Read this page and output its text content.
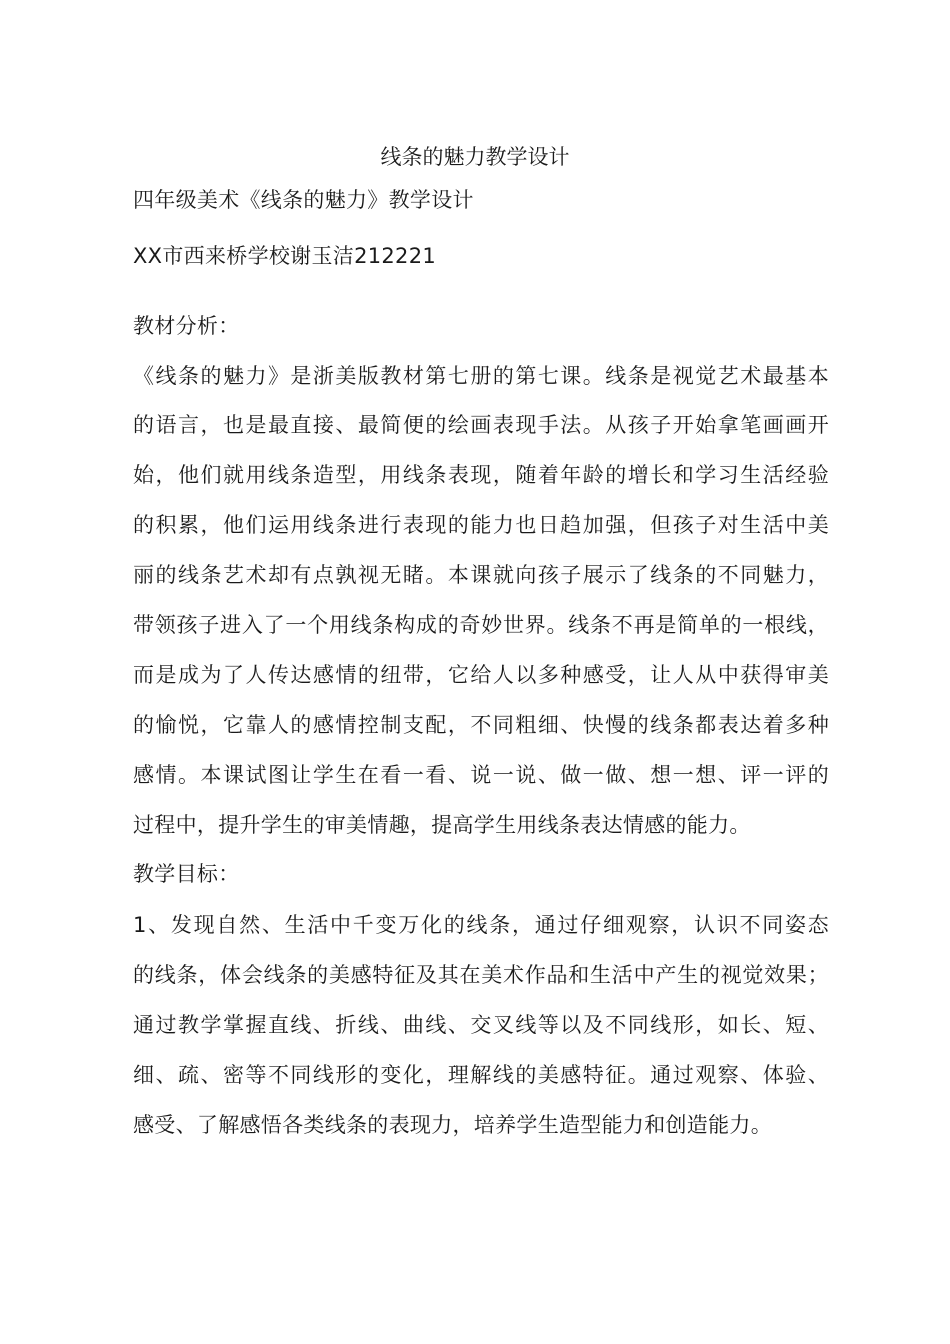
线条的魅力教学设计
四年级美术《线条的魅力》教学设计
XX市西来桥学校谢玉洁212221
教材分析：
《线条的魅力》是浙美版教材第七册的第七课。线条是视觉艺术最基本
的语言，也是最直接、最简便的绘画表现手法。从孩子开始拿笔画画开
始，他们就用线条造型，用线条表现，随着年龄的增长和学习生活经验
的积累，他们运用线条进行表现的能力也日趋加强，但孩子对生活中美
丽的线条艺术却有点孰视无睹。本课就向孩子展示了线条的不同魅力，
带领孩子进入了一个用线条构成的奇妙世界。线条不再是简单的一根线，
而是成为了人传达感情的纽带，它给人以多种感受，让人从中获得审美
的愉悦，它靠人的感情控制支配，不同粗细、快慢的线条都表达着多种
感情。本课试图让学生在看一看、说一说、做一做、想一想、评一评的
过程中，提升学生的审美情趣，提高学生用线条表达情感的能力。
教学目标：
1、发现自然、生活中千变万化的线条，通过仔细观察，认识不同姿态
的线条，体会线条的美感特征及其在美术作品和生活中产生的视觉效果；
通过教学掌握直线、折线、曲线、交叉线等以及不同线形，如长、短、
细、疏、密等不同线形的变化，理解线的美感特征。通过观察、体验、
感受、了解感悟各类线条的表现力，培养学生造型能力和创造能力。
